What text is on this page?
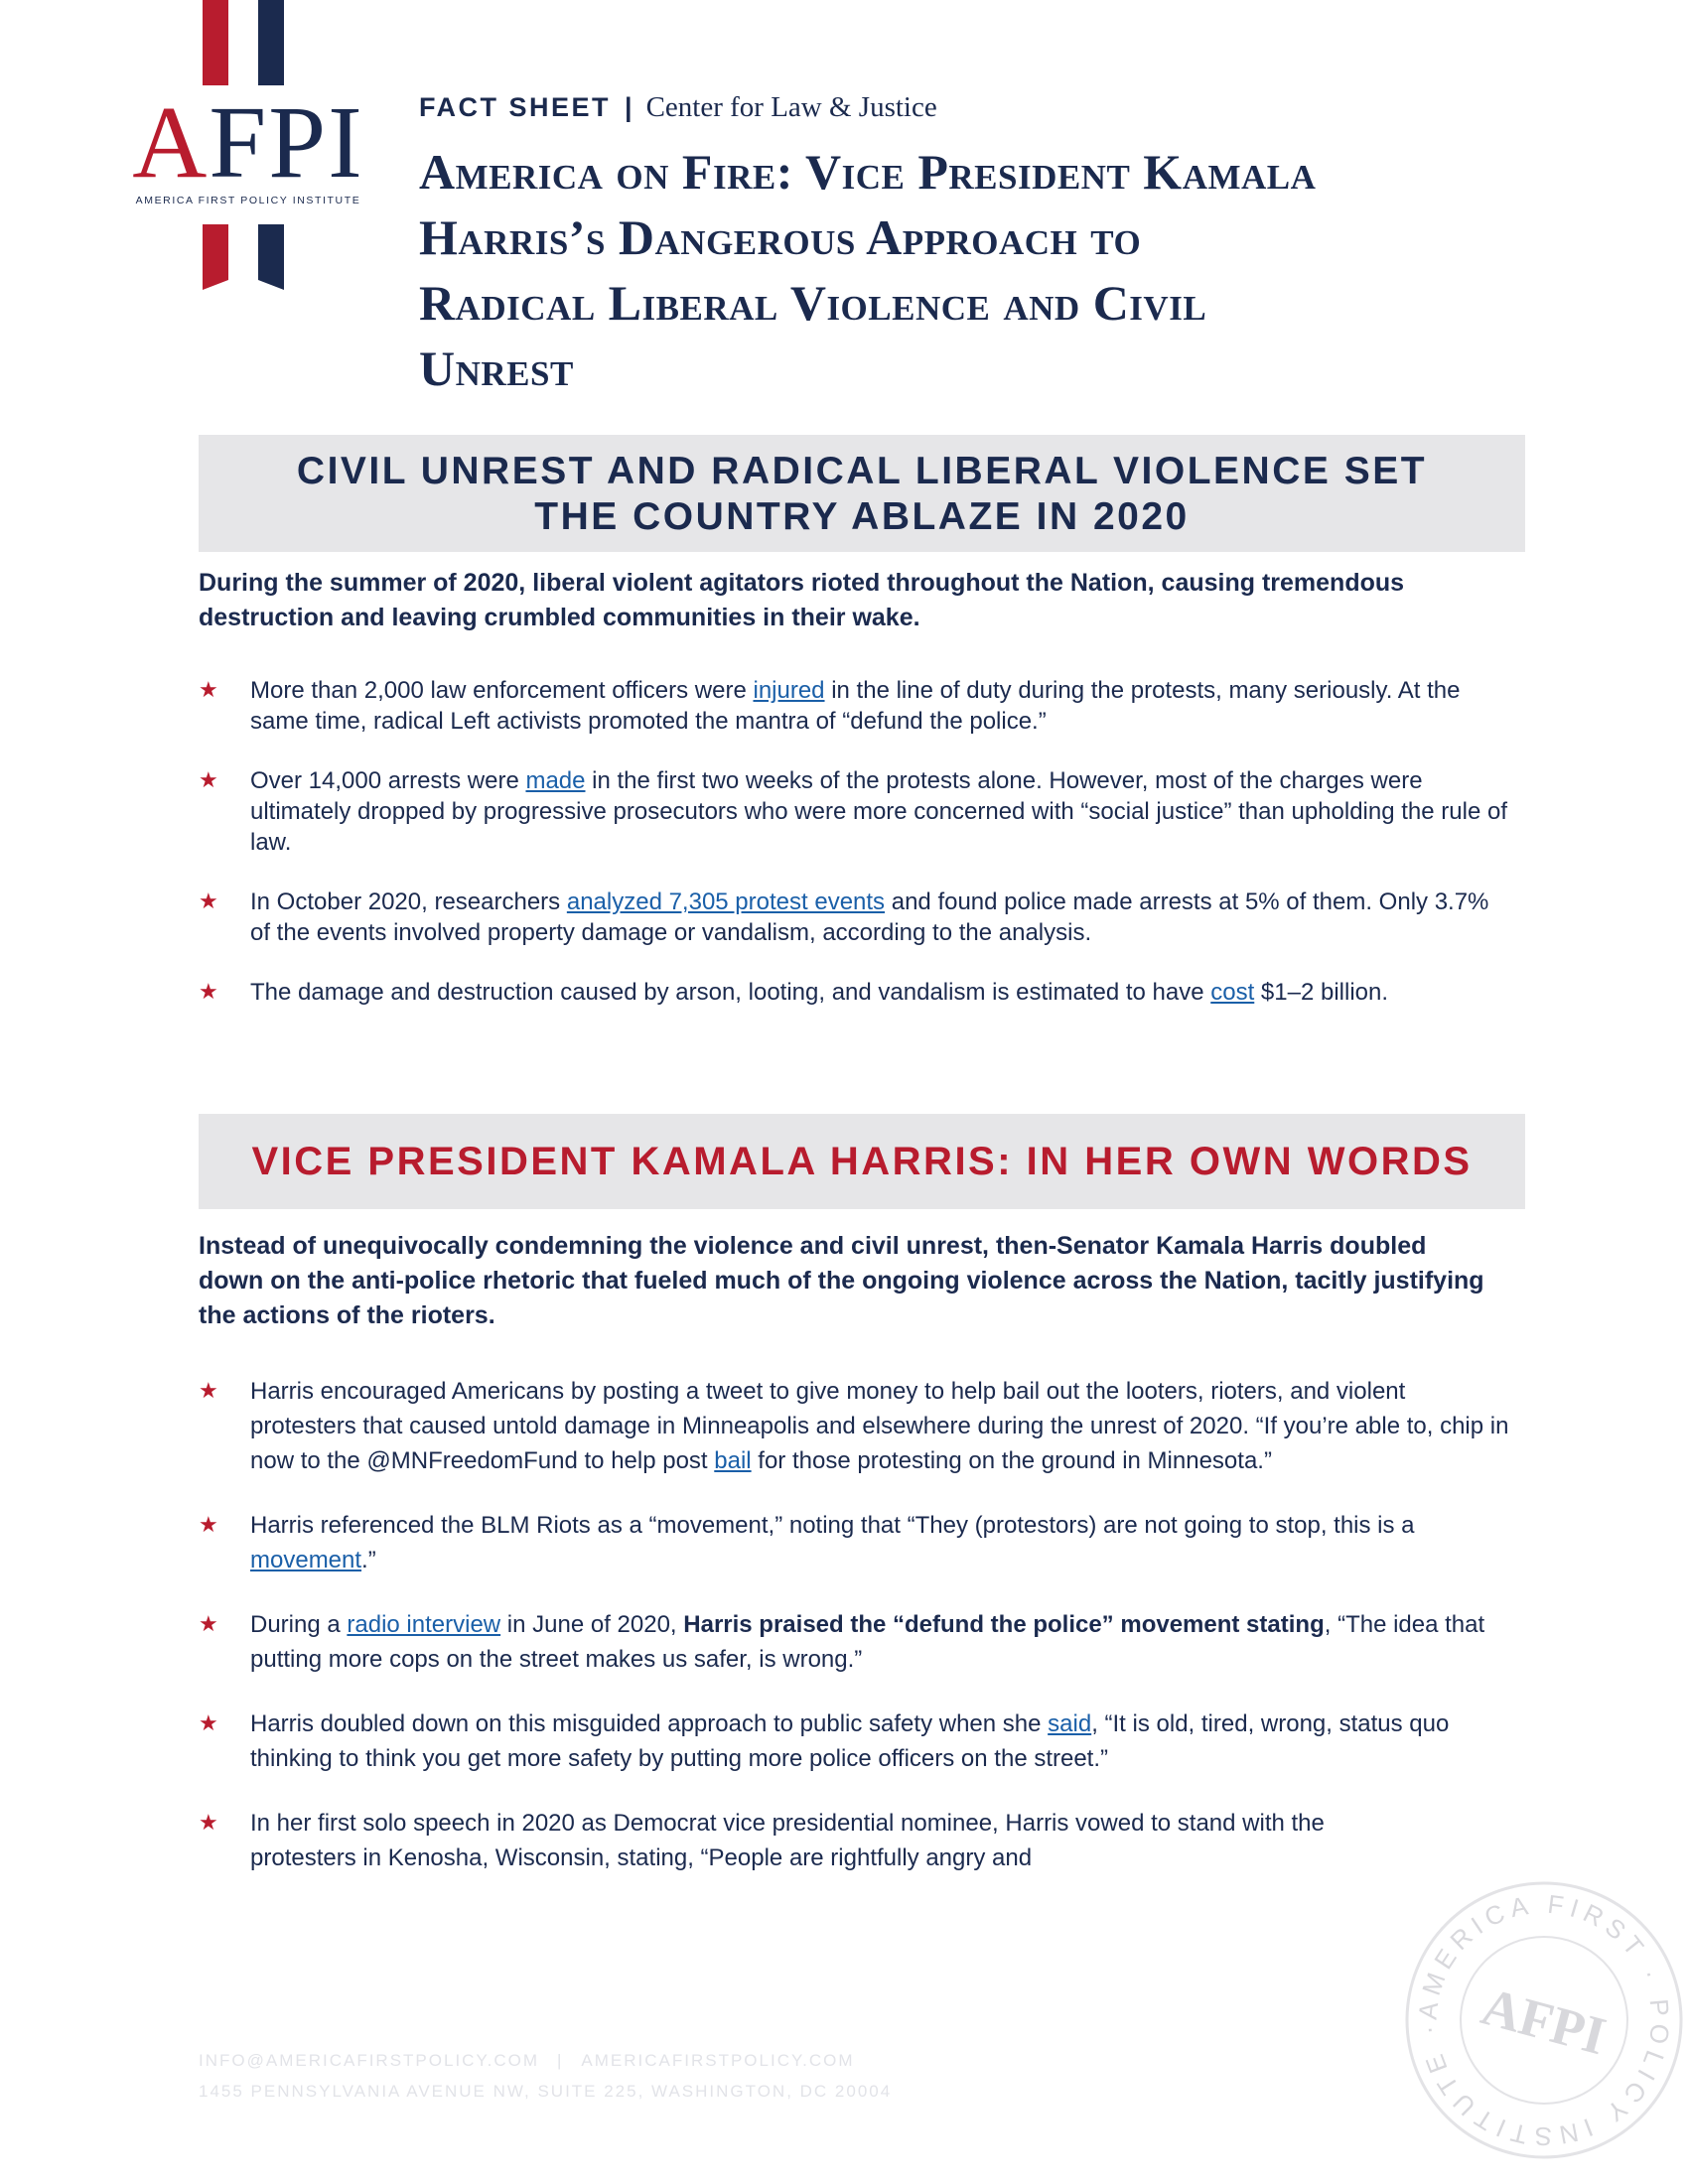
AFPI
AMERICA FIRST POLICY INSTITUTE
FACT SHEET | Center for Law & Justice
America on Fire: Vice President Kamala
Harris’s Dangerous Approach to
Radical Liberal Violence and Civil
Unrest
CIVIL UNREST AND RADICAL LIBERAL VIOLENCE SET
THE COUNTRY ABLAZE IN 2020
During the summer of 2020, liberal violent agitators rioted throughout the Nation, causing tremendous destruction and leaving crumbled communities in their wake.
★ More than 2,000 law enforcement officers were injured in the line of duty during the protests, many seriously. At the same time, radical Left activists promoted the mantra of “defund the police.”
★ Over 14,000 arrests were made in the first two weeks of the protests alone. However, most of the charges were ultimately dropped by progressive prosecutors who were more concerned with “social justice” than upholding the rule of law.
★ In October 2020, researchers analyzed 7,305 protest events and found police made arrests at 5% of them. Only 3.7% of the events involved property damage or vandalism, according to the analysis.
★ The damage and destruction caused by arson, looting, and vandalism is estimated to have cost $1–2 billion.
VICE PRESIDENT KAMALA HARRIS: IN HER OWN WORDS
Instead of unequivocally condemning the violence and civil unrest, then-Senator Kamala Harris doubled down on the anti-police rhetoric that fueled much of the ongoing violence across the Nation, tacitly justifying the actions of the rioters.
★ Harris encouraged Americans by posting a tweet to give money to help bail out the looters, rioters, and violent protesters that caused untold damage in Minneapolis and elsewhere during the unrest of 2020. “If you’re able to, chip in now to the @MNFreedomFund to help post bail for those protesting on the ground in Minnesota.”
★ Harris referenced the BLM Riots as a “movement,” noting that “They (protestors) are not going to stop, this is a movement.”
★ During a radio interview in June of 2020, Harris praised the “defund the police” movement stating, “The idea that putting more cops on the street makes us safer, is wrong.”
★ Harris doubled down on this misguided approach to public safety when she said, “It is old, tired, wrong, status quo thinking to think you get more safety by putting more police officers on the street.”
★ In her first solo speech in 2020 as Democrat vice presidential nominee, Harris vowed to stand with the protesters in Kenosha, Wisconsin, stating, “People are rightfully angry and
INFO@AMERICAFIRSTPOLICY.COM | AMERICAFIRSTPOLICY.COM
1455 PENNSYLVANIA AVENUE NW, SUITE 225, WASHINGTON, DC 20004
AMERICA FIRST · POLICY INSTITUTE · AFPI
